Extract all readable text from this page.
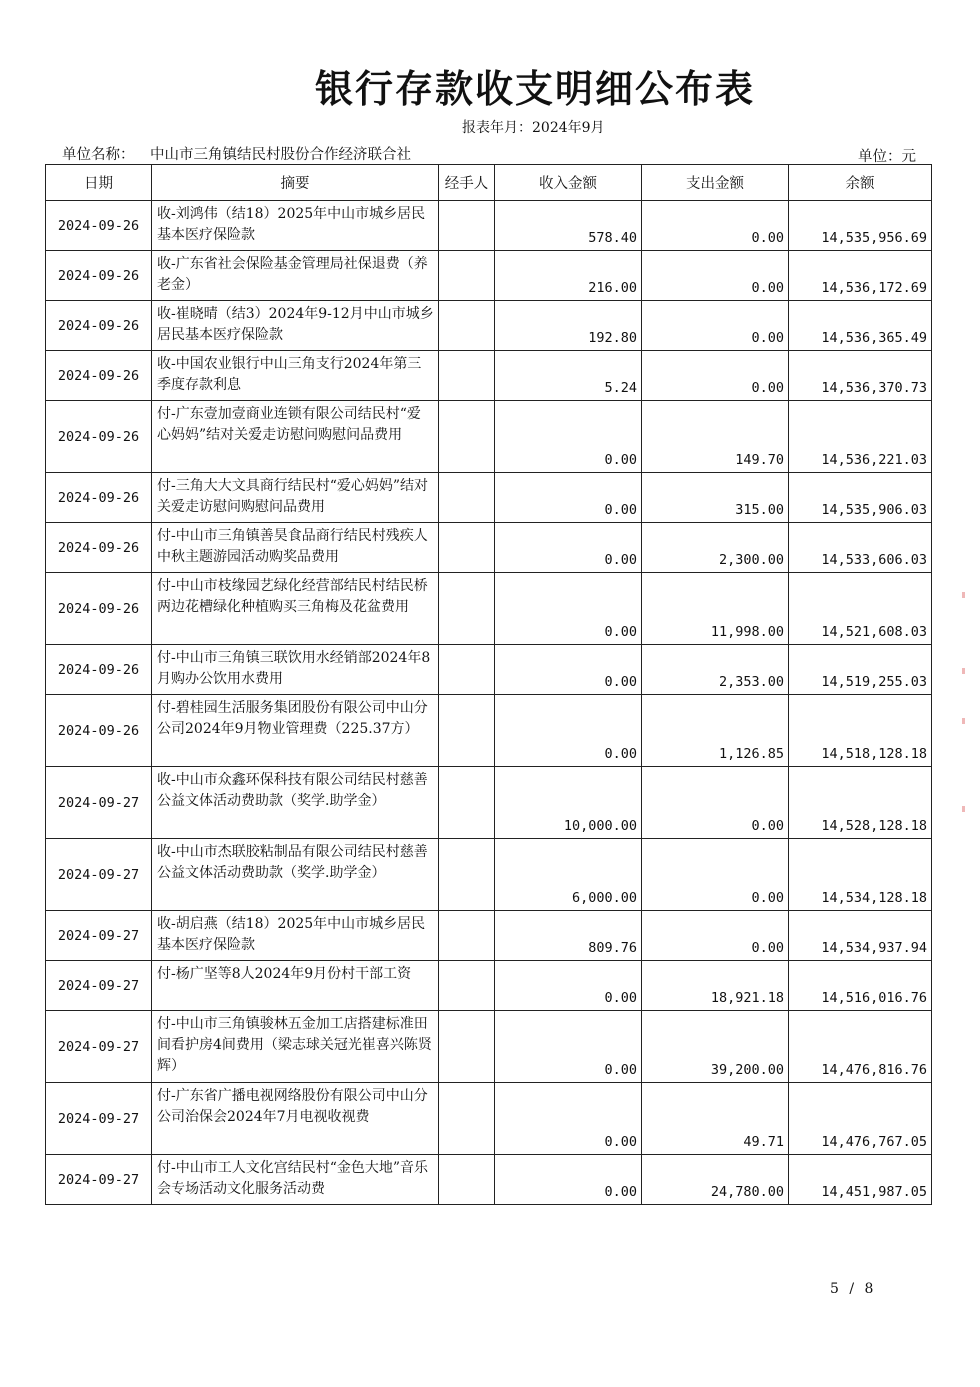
银行存款收支明细公布表
报表年月：2024年9月
单位名称： 中山市三角镇结民村股份合作经济联合社	单位：元
日期	摘要	经手人	收入金额	支出金额	余额
2024-09-26	收-刘鸿伟（结18）2025年中山市城乡居民基本医疗保险款		578.40	0.00	14,535,956.69
2024-09-26	收-广东省社会保险基金管理局社保退费（养老金）		216.00	0.00	14,536,172.69
2024-09-26	收-崔晓晴（结3）2024年9-12月中山市城乡居民基本医疗保险款		192.80	0.00	14,536,365.49
2024-09-26	收-中国农业银行中山三角支行2024年第三季度存款利息		5.24	0.00	14,536,370.73
2024-09-26	付-广东壹加壹商业连锁有限公司结民村“爱心妈妈”结对关爱走访慰问购慰问品费用		0.00	149.70	14,536,221.03
2024-09-26	付-三角大大文具商行结民村“爱心妈妈”结对关爱走访慰问购慰问品费用		0.00	315.00	14,535,906.03
2024-09-26	付-中山市三角镇善昊食品商行结民村残疾人中秋主题游园活动购奖品费用		0.00	2,300.00	14,533,606.03
2024-09-26	付-中山市枝缘园艺绿化经营部结民村结民桥两边花槽绿化种植购买三角梅及花盆费用		0.00	11,998.00	14,521,608.03
2024-09-26	付-中山市三角镇三联饮用水经销部2024年8月购办公饮用水费用		0.00	2,353.00	14,519,255.03
2024-09-26	付-碧桂园生活服务集团股份有限公司中山分公司2024年9月物业管理费（225.37方）		0.00	1,126.85	14,518,128.18
2024-09-27	收-中山市众鑫环保科技有限公司结民村慈善公益文体活动费助款（奖学.助学金）		10,000.00	0.00	14,528,128.18
2024-09-27	收-中山市杰联胶粘制品有限公司结民村慈善公益文体活动费助款（奖学.助学金）		6,000.00	0.00	14,534,128.18
2024-09-27	收-胡启燕（结18）2025年中山市城乡居民基本医疗保险款		809.76	0.00	14,534,937.94
2024-09-27	付-杨广坚等8人2024年9月份村干部工资		0.00	18,921.18	14,516,016.76
2024-09-27	付-中山市三角镇骏林五金加工店搭建标准田间看护房4间费用（梁志球关冠光崔喜兴陈贤辉）		0.00	39,200.00	14,476,816.76
2024-09-27	付-广东省广播电视网络股份有限公司中山分公司治保会2024年7月电视收视费		0.00	49.71	14,476,767.05
2024-09-27	付-中山市工人文化宫结民村“金色大地”音乐会专场活动文化服务活动费		0.00	24,780.00	14,451,987.05
5 / 8
